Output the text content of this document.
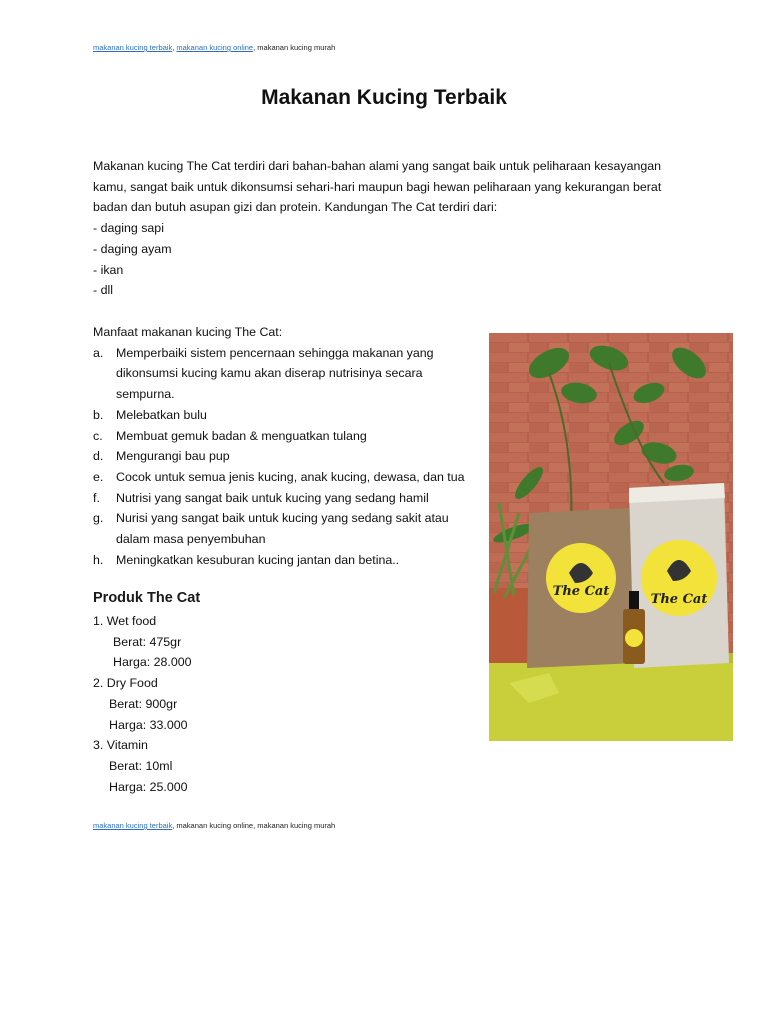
makanan kucing terbaik, makanan kucing online, makanan kucing murah
Makanan Kucing Terbaik

Makanan kucing The Cat terdiri dari bahan-bahan alami yang sangat baik untuk peliharaan kesayangan kamu, sangat baik untuk dikonsumsi sehari-hari maupun bagi hewan peliharaan yang kekurangan berat badan dan butuh asupan gizi dan protein. Kandungan The Cat terdiri dari:

- daging sapi
- daging ayam
- ikan
- dll

Manfaat makanan kucing The Cat:

a. Memperbaiki sistem pencernaan sehingga makanan yang dikonsumsi kucing kamu akan diserap nutrisinya secara sempurna.
b. Melebatkan bulu
c. Membuat gemuk badan & menguatkan tulang
d. Mengurangi bau pup
e. Cocok untuk semua jenis kucing, anak kucing, dewasa, dan tua
f. Nutrisi yang sangat baik untuk kucing yang sedang hamil
g. Nurisi yang sangat baik untuk kucing yang sedang sakit atau dalam masa penyembuhan
h. Meningkatkan kesuburan kucing jantan dan betina..
Produk The Cat
1. Wet food
Berat: 475gr
Harga: 28.000
2. Dry Food
Berat: 900gr
Harga: 33.000
3. Vitamin
Berat: 10ml
Harga: 25.000
makanan kucing terbaik, makanan kucing online, makanan kucing murah
The Cat
The Cat
